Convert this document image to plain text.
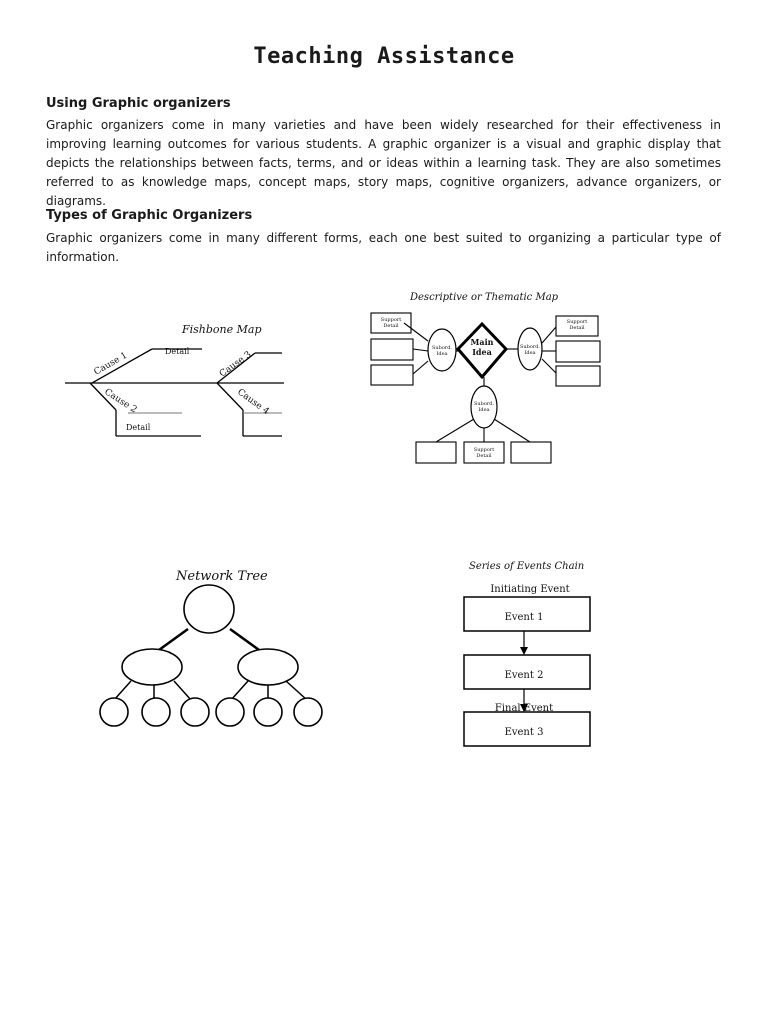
Teaching Assistance
Using Graphic organizers

Graphic organizers come in many varieties and have been widely researched for their effectiveness in improving learning outcomes for various students. A graphic organizer is a visual and graphic display that depicts the relationships between facts, terms, and or ideas within a learning task. They are also sometimes referred to as knowledge maps, concept maps, story maps, cognitive organizers, advance organizers, or diagrams.

Types of Graphic Organizers

Graphic organizers come in many different forms, each one best suited to organizing a particular type of information.

Fishbone Map
Detail
Detail
Cause 1
Cause 2
Cause 3
Cause 4
Descriptive or Thematic Map
Main
Idea
Subord.
Idea
Subord.
Idea
Subord.
Idea
Support
Detail
Support
Detail
Support
Detail
Network Tree
Series of Events Chain
Initiating Event
Event 1
Event 2
Final Event
Event 3
